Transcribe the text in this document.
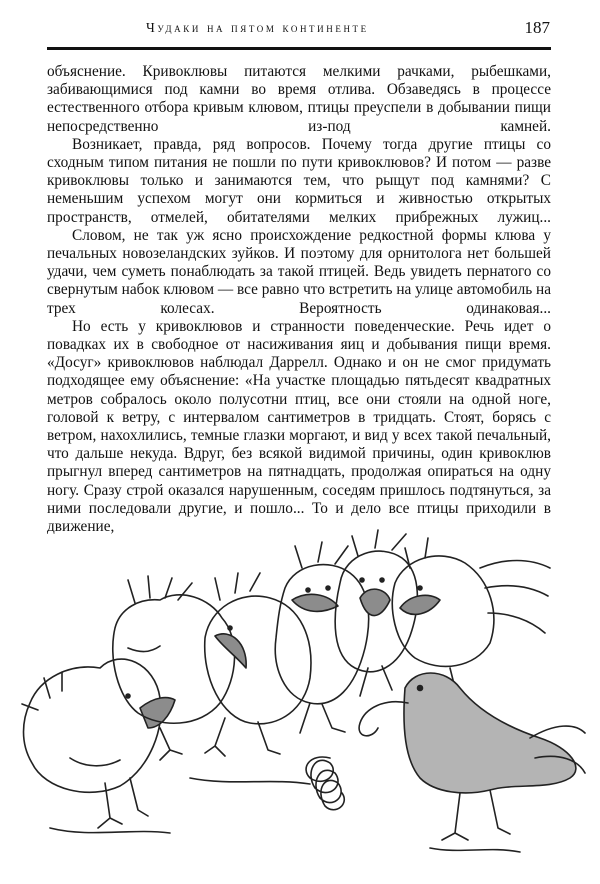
Чудаки на пятом континенте	187

объяснение. Кривоклювы питаются мелкими рачками, рыбешками, забивающимися под камни во время отлива. Обзаведясь в процессе естественного отбора кривым клювом, птицы преуспели в добывании пищи непосредственно из-под камней.

Возникает, правда, ряд вопросов. Почему тогда другие птицы со сходным типом питания не пошли по пути кривоклювов? И потом — разве кривоклювы только и занимаются тем, что рыщут под камнями? С неменьшим успехом могут они кормиться и живностью открытых пространств, отмелей, обитателями мелких прибрежных лужиц...

Словом, не так уж ясно происхождение редкостной формы клюва у печальных новозеландских зуйков. И поэтому для орнитолога нет большей удачи, чем суметь понаблюдать за такой птицей. Ведь увидеть пернатого со свернутым набок клювом — все равно что встретить на улице автомобиль на трех колесах. Вероятность одинаковая...

Но есть у кривоклювов и странности поведенческие. Речь идет о повадках их в свободное от насиживания яиц и добывания пищи время. «Досуг» кривоклювов наблюдал Даррелл. Однако и он не смог придумать подходящее ему объяснение: «На участке площадью пятьдесят квадратных метров собралось около полусотни птиц, все они стояли на одной ноге, головой к ветру, с интервалом сантиметров в тридцать. Стоят, борясь с ветром, нахохлились, темные глазки моргают, и вид у всех такой печальный, что дальше некуда. Вдруг, без всякой видимой причины, один кривоклюв прыгнул вперед сантиметров на пятнадцать, продолжая опираться на одну ногу. Сразу строй оказался нарушенным, соседям пришлось подтянуться, за ними последовали другие, и пошло... То и дело все птицы приходили в движение,
